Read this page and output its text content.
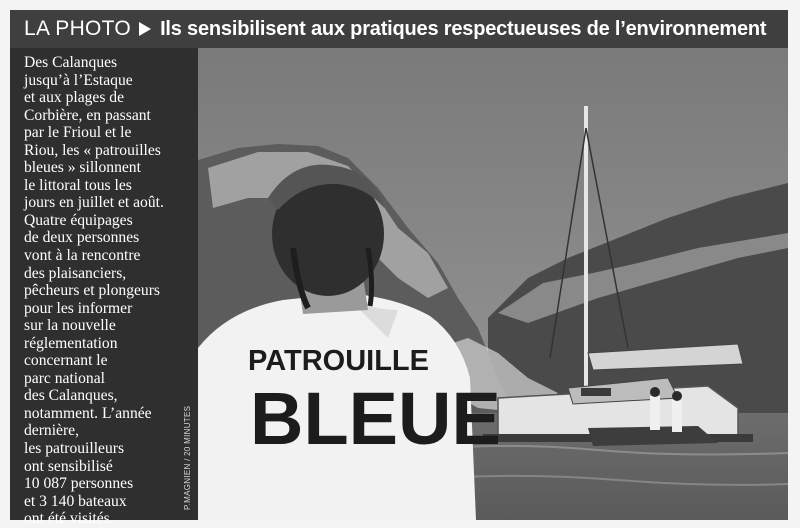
LA PHOTO Ils sensibilisent aux pratiques respectueuses de l’environnement
Des Calanques
jusqu’à l’Estaque
et aux plages de
Corbière, en passant
par le Frioul et le
Riou, les « patrouilles
bleues » sillonnent
le littoral tous les
jours en juillet et août.
Quatre équipages
de deux personnes
vont à la rencontre
des plaisanciers,
pêcheurs et plongeurs
pour les informer
sur la nouvelle
réglementation
concernant le
parc national
des Calanques,
notamment. L’année
dernière,
les patrouilleurs
ont sensibilisé
10 087 personnes
et 3 140 bateaux
ont été visités.
PATROUILLE
BLEUE
P.MAGNIEN / 20 MINUTES
